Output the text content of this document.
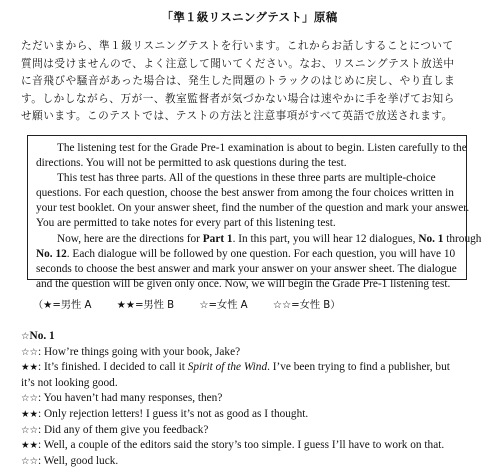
「準１級リスニングテスト」原稿

ただいまから、準１級リスニングテストを行います。これからお話しすることについて

質問は受けませんので、よく注意して聞いてください。なお、リスニングテスト放送中

に音飛びや騒音があった場合は、発生した問題のトラックのはじめに戻し、やり直しま

す。しかしながら、万が一、教室監督者が気づかない場合は速やかに手を挙げてお知ら

せ願います。このテストでは、テストの方法と注意事項がすべて英語で放送されます。

The listening test for the Grade Pre-1 examination is about to begin. Listen carefully to the

directions. You will not be permitted to ask questions during the test.

This test has three parts. All of the questions in these three parts are multiple-choice

questions. For each question, choose the best answer from among the four choices written in

your test booklet. On your answer sheet, find the number of the question and mark your answer.

You are permitted to take notes for every part of this listening test.

Now, here are the directions for Part 1. In this part, you will hear 12 dialogues, No. 1 through

No. 12. Each dialogue will be followed by one question. For each question, you will have 10

seconds to choose the best answer and mark your answer on your answer sheet. The dialogue

and the question will be given only once. Now, we will begin the Grade Pre-1 listening test.

（★=男性 A ★★=男性 B ☆=女性 A ☆☆=女性 B）

☆No. 1

☆☆: How’re things going with your book, Jake?

★★: It’s finished. I decided to call it Spirit of the Wind. I’ve been trying to find a publisher, but

it’s not looking good.

☆☆: You haven’t had many responses, then?

★★: Only rejection letters! I guess it’s not as good as I thought.

☆☆: Did any of them give you feedback?

★★: Well, a couple of the editors said the story’s too simple. I guess I’ll have to work on that.

☆☆: Well, good luck.
